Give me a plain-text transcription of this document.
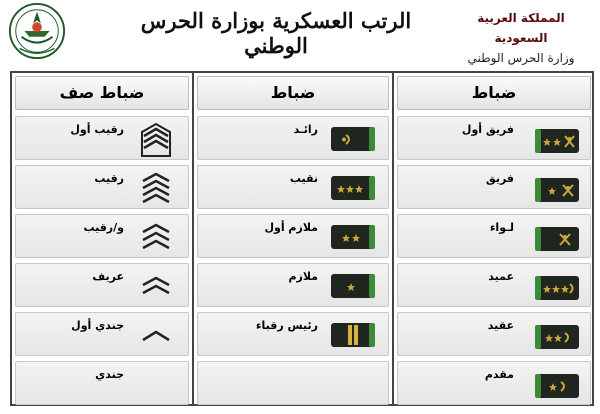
الرتب العسكرية بوزارة الحرس الوطني
المملكة العربية السعودية
وزارة الحرس الوطني
ضباط
فريق أول
فريق
لـواء
عميد
عقيد
مقدم
ضباط
رائـد
نقيب
ملازم أول
ملازم
رئيس رقباء
ضباط صف
رقيب أول
رقيب
و/رقيب
عريف
جندي أول
جندي
